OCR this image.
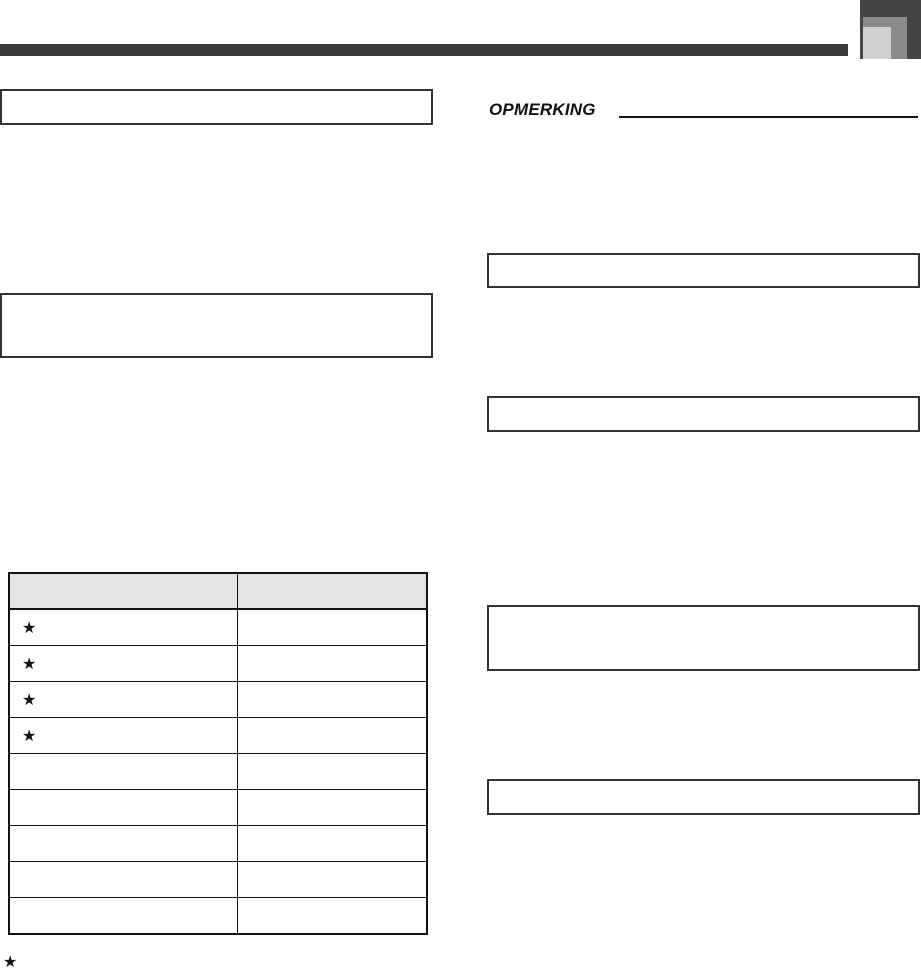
OPMERKING

★	
★	
★	
★	

★
